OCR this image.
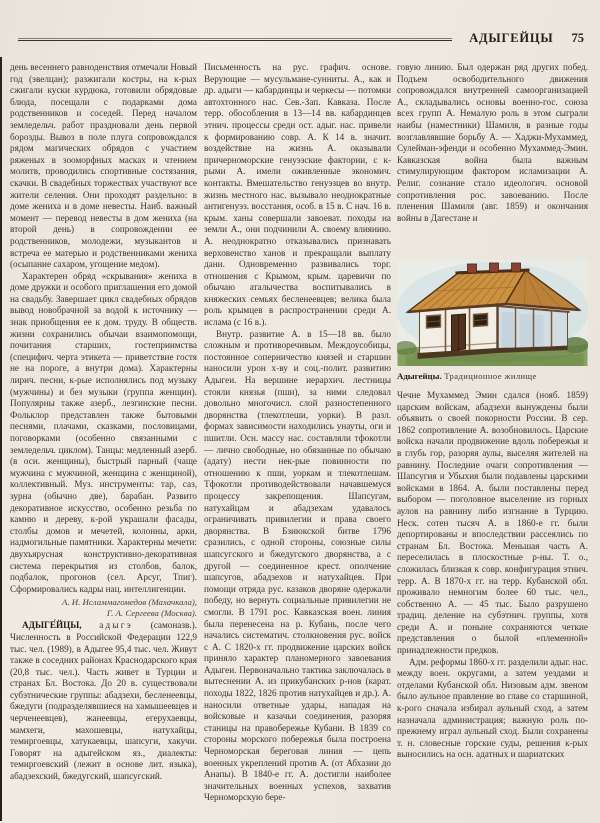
АДЫГЕЙЦЫ 75

день весеннего равноденствия отмечали Новый год (эвелцан); разжигали костры, на к-рых сжигали куски курдюка, готовили обрядовые блюда, посещали с подарками дома родственников и соседей. Перед началом земледельч. работ праздновали день первой борозды. Вывоз в поле плуга сопровождался рядом магических обрядов с участием ряженых в зооморфных масках и чтением молитв, проводились спортивные состязания, скачки. В свадебных торжествах участвуют все жители селения. Они проходят раздельно: в доме жениха и в доме невесты. Наиб. важный момент — перевод невесты в дом жениха (на второй день) в сопровождении ее родственников, молодежи, музыкантов и встреча ее матерью и родственниками жениха (осыпание сахаром, угощение медом).

Характерен обряд «скрывания» жениха в доме дружки и особого приглашения его домой на свадьбу. Завершает цикл свадебных обрядов вывод новобрачной за водой к источнику — знак приобщения ее к дом. труду. В обществ. жизни сохранились обычаи взаимопомощи, почитания старших, гостеприимства (специфич. черта этикета — приветствие гостя не на пороге, а внутри дома). Характерны лирич. песни, к-рые исполнялись под музыку (мужчины) и без музыки (группа женщин). Популярны также азерб., лезгинские песни. Фольклор представлен также бытовыми песнями, плачами, сказками, пословицами, поговорками (особенно связанными с земледельч. циклом). Танцы: медленный азерб. (в осн. женщины), быстрый парный (чаще мужчина с мужчиной, женщина с женщиной), коллективный. Муз. инструменты: тар, саз, зурна (обычно две), барабан. Развито декоративное искусство, особенно резьба по камню и дереву, к-рой украшали фасады, столбы домов и мечетей, колонны, арки, надмогильные памятники. Характерны мечети: двухъярусная конструктивно-декоративная система перекрытия из столбов, балок, подбалок, прогонов (сел. Арсуг, Тпиг). Сформировались кадры нац. интеллигенции.

А. И. Исламмагомедов (Махачкала),
Г. А. Сергеева (Москва).

АДЫГЕ́ЙЦЫ, адыгэ (самоназв.). Численность в Российской Федерации 122,9 тыс. чел. (1989), в Адыгее 95,4 тыс. чел. Живут также в соседних районах Краснодарского края (20,8 тыс. чел.). Часть живет в Турции и странах Бл. Востока. До 20 в. существовали субэтнические группы: абадзехи, бесленеевцы, бжедуги (подразделявшиеся на хамышеевцев и черченеевцев), жанеевцы, егерухаевцы, мамхеги, махошевцы, натухайцы, темиргоевцы, хатукаевцы, шапсуги, хакучи. Говорят на адыгейском яз., диалекты: темиргоевский (лежит в основе лит. языка), абадзехский, бжедугский, шапсугский.

Письменность на рус. графич. основе. Верующие — мусульмане-сунниты. А., как и др. адыги — кабардинцы и черкесы — потомки автохтонного нас. Сев.-Зап. Кавказа. После терр. обособления в 13—14 вв. кабардинцев этнич. процессы среди ост. адыг. нас. привели к формированию совр. А. К 14 в. значит. воздействие на жизнь А. оказывали причерноморские генуэзские фактории, с к-рыми А. имели оживленные экономич. контакты. Вмешательство генуэзцев во внутр. жизнь местного нас. вызывало неоднократные антигенуэз. восстания, особ. в 15 в. С нач. 16 в. крым. ханы совершали завоеват. походы на земли А., они подчинили А. своему влиянию. А. неоднократно отказывались признавать верховенство ханов и прекращали выплату дани. Одновременно развивались торг. отношения с Крымом, крым. царевичи по обычаю аталычества воспитывались в княжеских семьях бесленеевцев; велика была роль крымцев в распространении среди А. ислама (с 16 в.).

Внутр. развитие А. в 15—18 вв. было сложным и противоречивым. Междоусобицы, постоянное соперничество князей и старшин наносили урон х-ву и соц.-полит. развитию Адыгеи. На вершине иерархич. лестницы стояли князья (пши), за ними следовал довольно многочисл. слой разностепенного дворянства (тлекотлеши, уорки). В разл. формах зависимости находились унауты, оги и пшитли. Осн. массу нас. составляли тфокотли — лично свободные, но обязанные по обычаю (адату) нести нек-рые повинности по отношению к пши, уоркам и тлекотлешам. Тфокотли противодействовали начавшемуся процессу закрепощения. Шапсугам, натухайцам и абадзехам удавалось ограничивать привилегии и права своего дворянства. В Бзиюкской битве 1796 сразились, с одной стороны, союзные силы шапсугского и бжедугского дворянства, а с другой — соединенное крест. ополчение шапсугов, абадзехов и натухайцев. При помощи отряда рус. казаков дворяне одержали победу, но вернуть социальные привилегии не смогли. В 1791 рос. Кавказская воен. линия была перенесена на р. Кубань, после чего начались систематич. столкновения рус. войск с А. С 1820-х гг. продвижение царских войск приняло характер планомерного завоевания Адыгеи. Первоначально тактика заключалась в вытеснении А. из прикубанских р-нов (карат. походы 1822, 1826 против натухайцев и др.). А. наносили ответные удары, нападая на войсковые и казачьи соединения, разоряя станицы на правобережье Кубани. В 1839 со стороны морского побережья была построена Черноморская береговая линия — цепь военных укреплений против А. (от Абхазии до Анапы). В 1840-е гг. А. достигли наиболее значительных военных успехов, захватив Черноморскую бере-

говую линию. Был одержан ряд других побед. Подъем освободительного движения сопровождался внутренней самоорганизацией А., складывались основы военно-гос. союза всех групп А. Немалую роль в этом сыграли наибы (наместники) Шамиля, в разные годы возглавлявшие борьбу А. — Хаджи-Мухаммед, Сулейман-эфенди и особенно Мухаммед-Эмин. Кавказская война была важным стимулирующим фактором исламизации А. Религ. сознание стало идеологич. основой сопротивления рос. завоеванию. После пленения Шамиля (авг. 1859) и окончания войны в Дагестане и

Адыгейцы. Традиционное жилище

Чечне Мухаммед Эмин сдался (нояб. 1859) царским войскам, абадзехи вынуждены были объявить о своей покорности России. В сер. 1862 сопротивление А. возобновилось. Царские войска начали продвижение вдоль побережья и в глубь гор, разоряя аулы, выселяя жителей на равнину. Последние очаги сопротивления — Шапсугия и Убыхия были подавлены царскими войсками в 1864. А. были поставлены перед выбором — поголовное выселение из горных аулов на равнину либо изгнание в Турцию. Неск. сотен тысяч А. в 1860-е гг. были депортированы и впоследствии рассеялись по странам Бл. Востока. Меньшая часть А. переселилась в плоскостные р-ны. Т. о., сложилась близкая к совр. конфигурация этнич. терр. А. В 1870-х гг. на терр. Кубанской обл. проживало немногим более 60 тыс. чел., собственно А. — 45 тыс. Было разрушено традиц. деление на субэтнич. группы, хотя среди А. и поныне сохраняются четкие представления о былой «племенной» принадлежности предков.

Адм. реформы 1860-х гг. разделили адыг. нас. между воен. округами, а затем уездами и отделами Кубанской обл. Низовым адм. звеном было аульное правление во главе со старшиной, к-рого сначала избирал аульный сход, а затем назначала администрация; важную роль по-прежнему играл аульный сход. Были сохранены т. н. словесные горские суды, решения к-рых выносились на осн. адатных и шариатских
